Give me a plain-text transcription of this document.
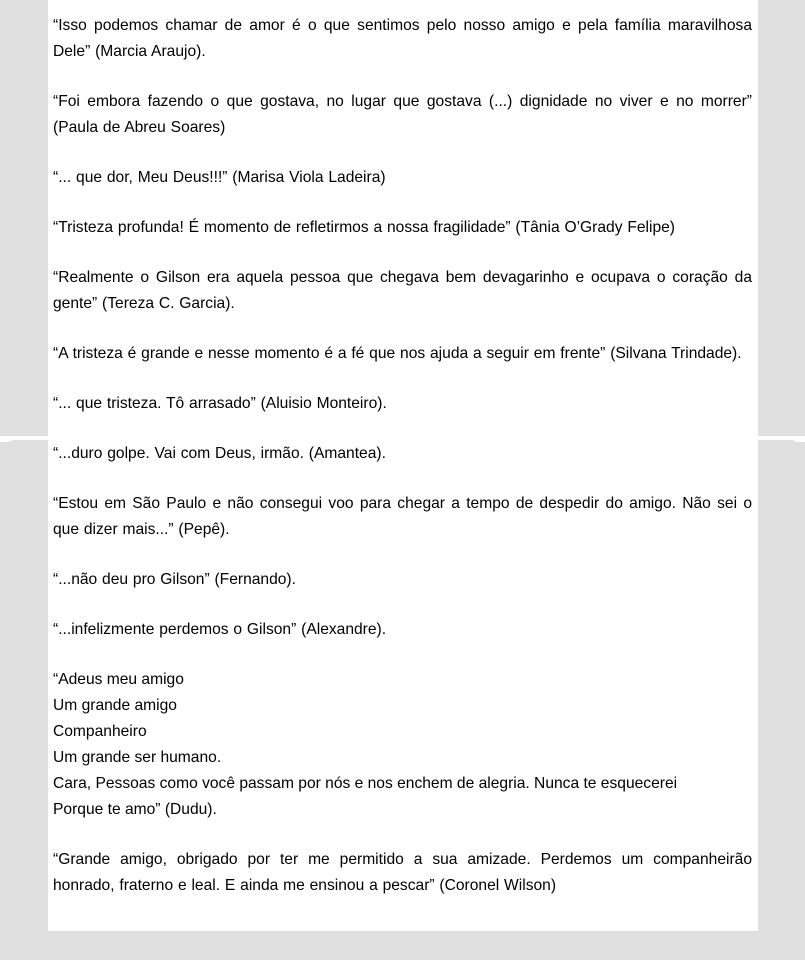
“Isso podemos chamar de amor é o que sentimos pelo nosso amigo e pela família maravilhosa Dele” (Marcia Araujo).

“Foi embora fazendo o que gostava, no lugar que gostava (...) dignidade no viver e no morrer” (Paula de Abreu Soares)

“... que dor, Meu Deus!!!” (Marisa Viola Ladeira)

“Tristeza profunda! É momento de refletirmos a nossa fragilidade” (Tânia O’Grady Felipe)

“Realmente o Gilson era aquela pessoa que chegava bem devagarinho e ocupava o coração da gente” (Tereza C. Garcia).

“A tristeza é grande e nesse momento é a fé que nos ajuda a seguir em frente” (Silvana Trindade).

“... que tristeza. Tô arrasado” (Aluisio Monteiro).

“...duro golpe. Vai com Deus, irmão. (Amantea).

“Estou em São Paulo e não consegui voo para chegar a tempo de despedir do amigo. Não sei o que dizer mais...” (Pepê).

“...não deu pro Gilson” (Fernando).

“...infelizmente perdemos o Gilson” (Alexandre).

“Adeus meu amigo
Um grande amigo
Companheiro
Um grande ser humano.
Cara, Pessoas como você passam por nós e nos enchem de alegria. Nunca te esquecerei
Porque te amo” (Dudu).

“Grande amigo, obrigado por ter me permitido a sua amizade. Perdemos um companheirão honrado, fraterno e leal. E ainda me ensinou a pescar” (Coronel Wilson)
